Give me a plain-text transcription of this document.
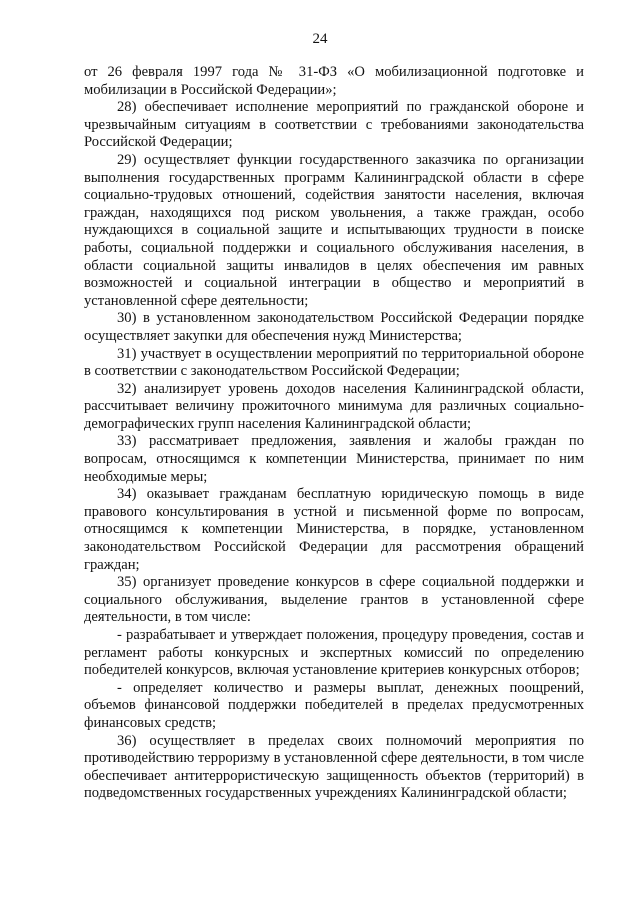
24

от 26 февраля 1997 года № 31-ФЗ «О мобилизационной подготовке и мобилизации в Российской Федерации»;

28) обеспечивает исполнение мероприятий по гражданской обороне и чрезвычайным ситуациям в соответствии с требованиями законодательства Российской Федерации;

29) осуществляет функции государственного заказчика по организации выполнения государственных программ Калининградской области в сфере социально-трудовых отношений, содействия занятости населения, включая граждан, находящихся под риском увольнения, а также граждан, особо нуждающихся в социальной защите и испытывающих трудности в поиске работы, социальной поддержки и социального обслуживания населения, в области социальной защиты инвалидов в целях обеспечения им равных возможностей и социальной интеграции в общество и мероприятий в установленной сфере деятельности;

30) в установленном законодательством Российской Федерации порядке осуществляет закупки для обеспечения нужд Министерства;

31) участвует в осуществлении мероприятий по территориальной обороне в соответствии с законодательством Российской Федерации;

32) анализирует уровень доходов населения Калининградской области, рассчитывает величину прожиточного минимума для различных социально-демографических групп населения Калининградской области;

33) рассматривает предложения, заявления и жалобы граждан по вопросам, относящимся к компетенции Министерства, принимает по ним необходимые меры;

34) оказывает гражданам бесплатную юридическую помощь в виде правового консультирования в устной и письменной форме по вопросам, относящимся к компетенции Министерства, в порядке, установленном законодательством Российской Федерации для рассмотрения обращений граждан;

35) организует проведение конкурсов в сфере социальной поддержки и социального обслуживания, выделение грантов в установленной сфере деятельности, в том числе:

- разрабатывает и утверждает положения, процедуру проведения, состав и регламент работы конкурсных и экспертных комиссий по определению победителей конкурсов, включая установление критериев конкурсных отборов;

- определяет количество и размеры выплат, денежных поощрений, объемов финансовой поддержки победителей в пределах предусмотренных финансовых средств;

36) осуществляет в пределах своих полномочий мероприятия по противодействию терроризму в установленной сфере деятельности, в том числе обеспечивает антитеррористическую защищенность объектов (территорий) в подведомственных государственных учреждениях Калининградской области;
